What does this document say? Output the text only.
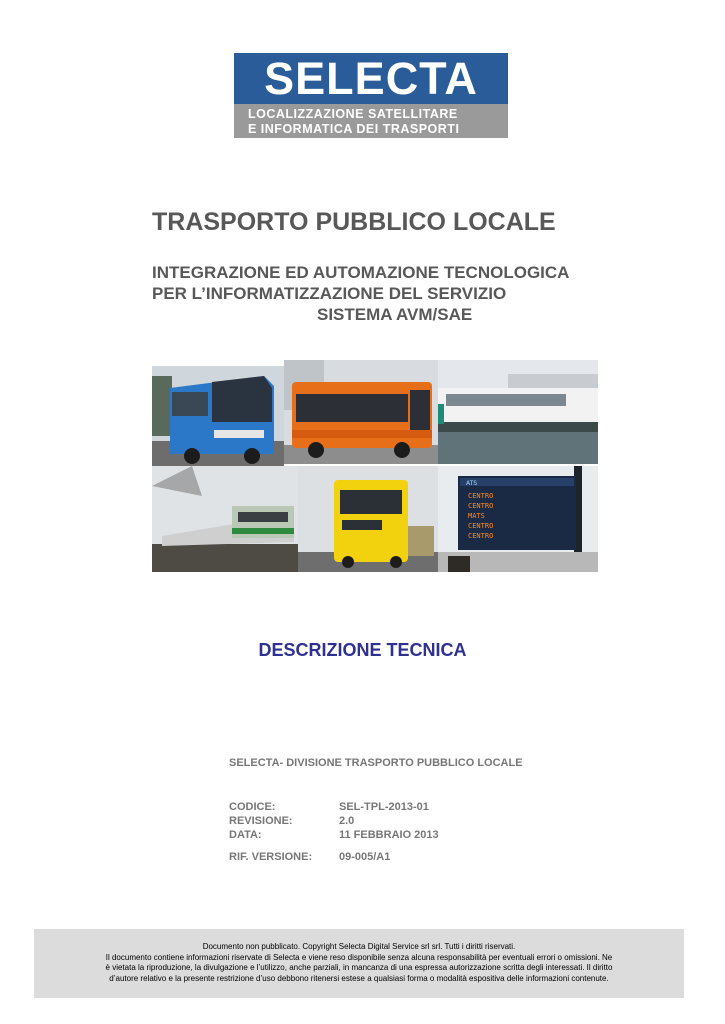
SELECTA
LOCALIZZAZIONE SATELLITARE
E INFORMATICA DEI TRASPORTI
TRASPORTO PUBBLICO LOCALE
INTEGRAZIONE ED AUTOMAZIONE TECNOLOGICA
PER L’INFORMATIZZAZIONE DEL SERVIZIO
SISTEMA AVM/SAE
ATS
CENTRO
CENTRO
MATS
CENTRO
CENTRO
DESCRIZIONE TECNICA
SELECTA- DIVISIONE TRASPORTO PUBBLICO LOCALE
CODICE:	SEL-TPL-2013-01
REVISIONE:	2.0
DATA:	11 FEBBRAIO 2013
RIF. VERSIONE:	09-005/A1
Documento non pubblicato. Copyright Selecta Digital Service srl srl. Tutti i diritti riservati.
Il documento contiene informazioni riservate di Selecta e viene reso disponibile senza alcuna responsabilità per eventuali errori o omissioni. Ne
è vietata la riproduzione, la divulgazione e l’utilizzo, anche parziali, in mancanza di una espressa autorizzazione scritta degli interessati. Il diritto
d’autore relativo e la presente restrizione d’uso debbono ritenersi estese a qualsiasi forma o modalità espositiva delle informazioni contenute.
